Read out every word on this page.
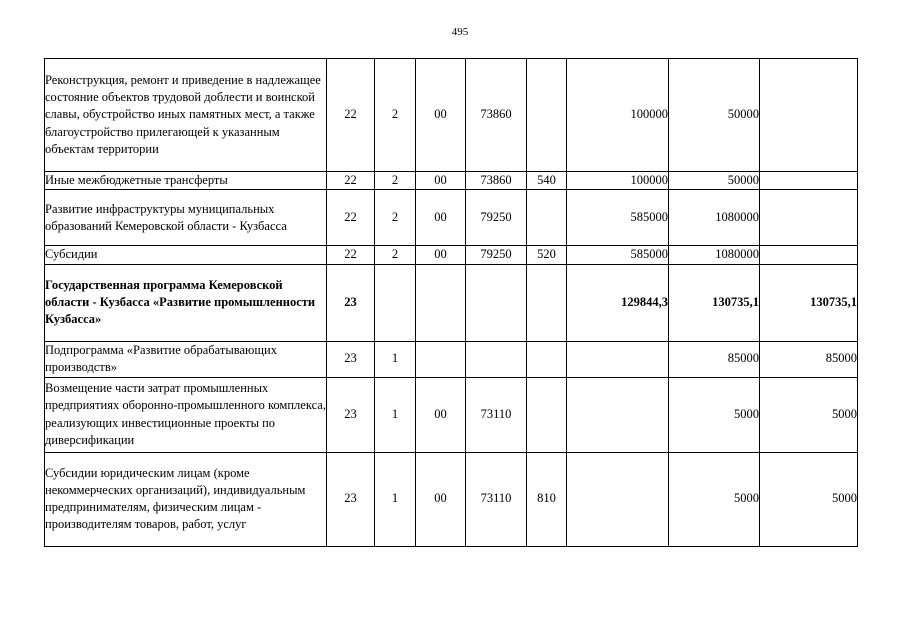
495
Реконструкция, ремонт и приведение в надлежащее состояние объектов трудовой доблести и воинской славы, обустройство иных памятных мест, а также благоустройство прилегающей к указанным объектам территории	22	2	00	73860		100000	50000	
Иные межбюджетные трансферты	22	2	00	73860	540	100000	50000	
Развитие инфраструктуры муниципальных образований Кемеровской области - Кузбасса	22	2	00	79250		585000	1080000	
Субсидии	22	2	00	79250	520	585000	1080000	
Государственная программа Кемеровской области - Кузбасса «Развитие промышленности Кузбасса»	23					129844,3	130735,1	130735,1
Подпрограмма «Развитие обрабатывающих производств»	23	1					85000	85000
Возмещение части затрат промышленных предприятиях оборонно-промышленного комплекса, реализующих инвестиционные проекты по диверсификации	23	1	00	73110			5000	5000
Субсидии юридическим лицам (кроме некоммерческих организаций), индивидуальным предпринимателям, физическим лицам - производителям товаров, работ, услуг	23	1	00	73110	810		5000	5000
